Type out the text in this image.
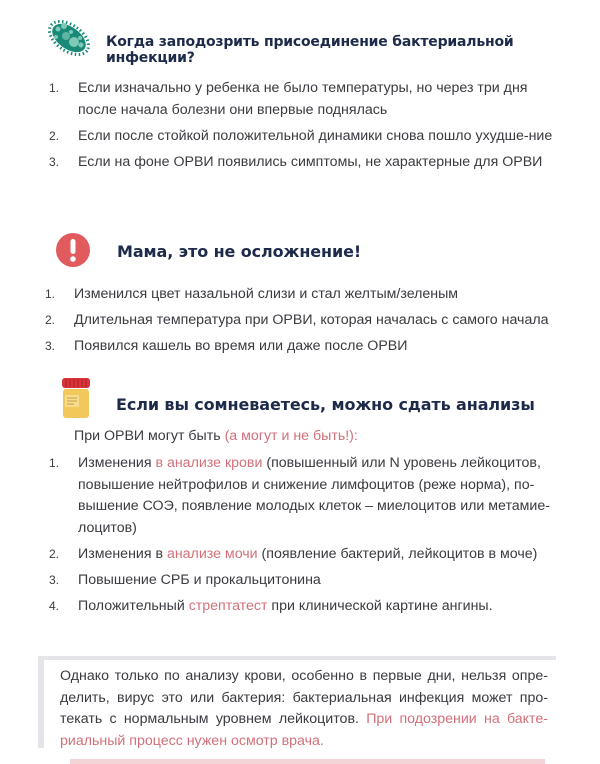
Когда заподозрить присоединение бактериальной инфекции?
1. Если изначально у ребенка не было температуры, но через три дня после начала болезни они впервые поднялась
2. Если после стойкой положительной динамики снова пошло ухудше-ние
3. Если на фоне ОРВИ появились симптомы, не характерные для ОРВИ
Мама, это не осложнение!
1. Изменился цвет назальной слизи и стал желтым/зеленым
2. Длительная температура при ОРВИ, которая началась с самого начала
3. Появился кашель во время или даже после ОРВИ
Если вы сомневаетесь, можно сдать анализы
При ОРВИ могут быть (а могут и не быть!):
1. Изменения в анализе крови (повышенный или N уровень лейкоцитов, повышение нейтрофилов и снижение лимфоцитов (реже норма), по-вышение СОЭ, появление молодых клеток – миелоцитов или метамие-лоцитов)
2. Изменения в анализе мочи (появление бактерий, лейкоцитов в моче)
3. Повышение СРБ и прокальцитонина
4. Положительный стрептатест при клинической картине ангины.

Однако только по анализу крови, особенно в первые дни, нельзя опре-делить, вирус это или бактерия: бактериальная инфекция может про-текать с нормальным уровнем лейкоцитов. При подозрении на бакте-риальный процесс нужен осмотр врача.
